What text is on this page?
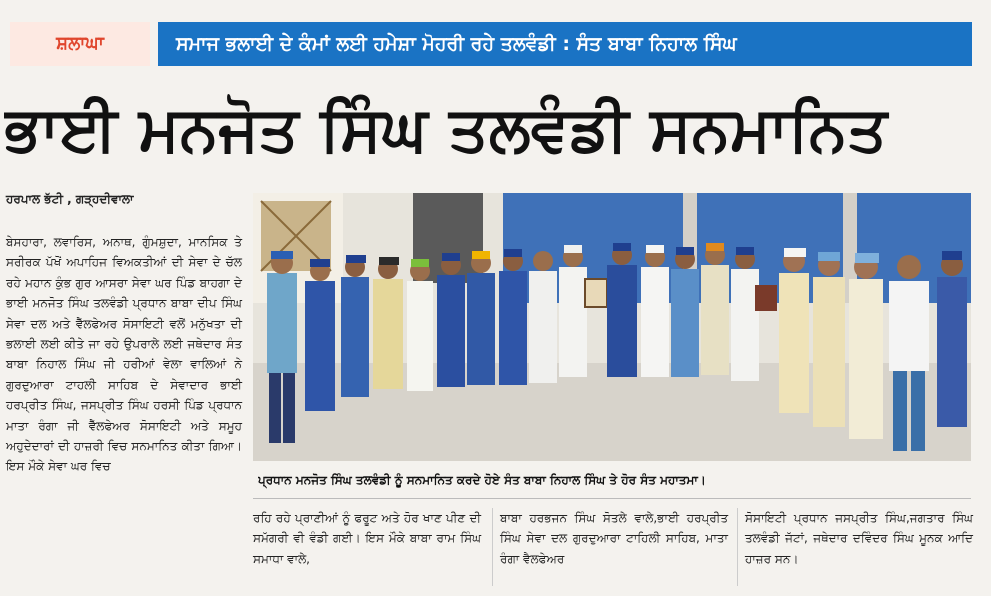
ਸ਼ਲਾਘਾ	ਸਮਾਜ ਭਲਾਈ ਦੇ ਕੰਮਾਂ ਲਈ ਹਮੇਸ਼ਾ ਮੋਹਰੀ ਰਹੇ ਤਲਵੰਡੀ : ਸੰਤ ਬਾਬਾ ਨਿਹਾਲ ਸਿੰਘ
ਭਾਈ ਮਨਜੋਤ ਸਿੰਘ ਤਲਵੰਡੀ ਸਨਮਾਨਿਤ
ਹਰਪਾਲ ਭੱਟੀ , ਗੜ੍ਹਦੀਵਾਲਾ
ਬੇਸਹਾਰਾ, ਲਵਾਰਿਸ, ਅਨਾਥ, ਗੁੰਮਸ਼ੁਦਾ, ਮਾਨਸਿਕ ਤੇ ਸਰੀਰਕ ਪੱਖੋਂ ਅਪਾਹਿਜ ਵਿਅਕਤੀਆਂ ਦੀ ਸੇਵਾ ਦੇ ਚੱਲ ਰਹੇ ਮਹਾਨ ਕੁੰਭ ਗੁਰ ਆਸਰਾ ਸੇਵਾ ਘਰ ਪਿੰਡ ਬਾਹਗਾ ਦੇ ਭਾਈ ਮਨਜੋਤ ਸਿੰਘ ਤਲਵੰਡੀ ਪ੍ਰਧਾਨ ਬਾਬਾ ਦੀਪ ਸਿੰਘ ਸੇਵਾ ਦਲ ਅਤੇ ਵੈੱਲਫੇਅਰ ਸੋਸਾਇਟੀ ਵਲੋਂ ਮਨੁੱਖਤਾ ਦੀ ਭਲਾਈ ਲਈ ਕੀਤੇ ਜਾ ਰਹੇ ਉਪਰਾਲੇ ਲਈ ਜਥੇਦਾਰ ਸੰਤ ਬਾਬਾ ਨਿਹਾਲ ਸਿੰਘ ਜੀ ਹਰੀਆਂ ਵੇਲਾ ਵਾਲਿਆਂ ਨੇ ਗੁਰਦੁਆਰਾ ਟਾਹਲੀ ਸਾਹਿਬ ਦੇ ਸੇਵਾਦਾਰ ਭਾਈ ਹਰਪ੍ਰੀਤ ਸਿੰਘ, ਜਸਪ੍ਰੀਤ ਸਿੰਘ ਹਰਸੀ ਪਿੰਡ ਪ੍ਰਧਾਨ ਮਾਤਾ ਰੰਗਾ ਜੀ ਵੈੱਲਫੇਅਰ ਸੋਸਾਇਟੀ ਅਤੇ ਸਮੂਹ ਅਹੁਦੇਦਾਰਾਂ ਦੀ ਹਾਜ਼ਰੀ ਵਿਚ ਸਨਮਾਨਿਤ ਕੀਤਾ ਗਿਆ। ਇਸ ਮੌਕੇ ਸੇਵਾ ਘਰ ਵਿਚ
ਪ੍ਰਧਾਨ ਮਨਜੋਤ ਸਿੰਘ ਤਲਵੰਡੀ ਨੂੰ ਸਨਮਾਨਿਤ ਕਰਦੇ ਹੋਏ ਸੰਤ ਬਾਬਾ ਨਿਹਾਲ ਸਿੰਘ ਤੇ ਹੋਰ ਸੰਤ ਮਹਾਤਮਾ।
ਰਹਿ ਰਹੇ ਪ੍ਰਾਣੀਆਂ ਨੂੰ ਫਰੂਟ ਅਤੇ ਹੋਰ ਖਾਣ ਪੀਣ ਦੀ ਸਮੱਗਰੀ ਵੀ ਵੰਡੀ ਗਈ। ਇਸ ਮੌਕੇ ਬਾਬਾ ਰਾਮ ਸਿੰਘ ਸਮਾਧਾ ਵਾਲੇ,
ਬਾਬਾ ਹਰਭਜਨ ਸਿੰਘ ਸੋਤਲੇ ਵਾਲੇ,ਭਾਈ ਹਰਪ੍ਰੀਤ ਸਿੰਘ ਸੇਵਾ ਦਲ ਗੁਰਦੁਆਰਾ ਟਾਹਿਲੀ ਸਾਹਿਬ, ਮਾਤਾ ਰੰਗਾ ਵੈਲਫੇਅਰ
ਸੋਸਾਇਟੀ ਪ੍ਰਧਾਨ ਜਸਪ੍ਰੀਤ ਸਿੰਘ,ਜਗਤਾਰ ਸਿੰਘ ਤਲਵੰਡੀ ਜੱਟਾਂ, ਜਥੇਦਾਰ ਦਵਿੰਦਰ ਸਿੰਘ ਮੂਨਕ ਆਦਿ ਹਾਜ਼ਰ ਸਨ।
